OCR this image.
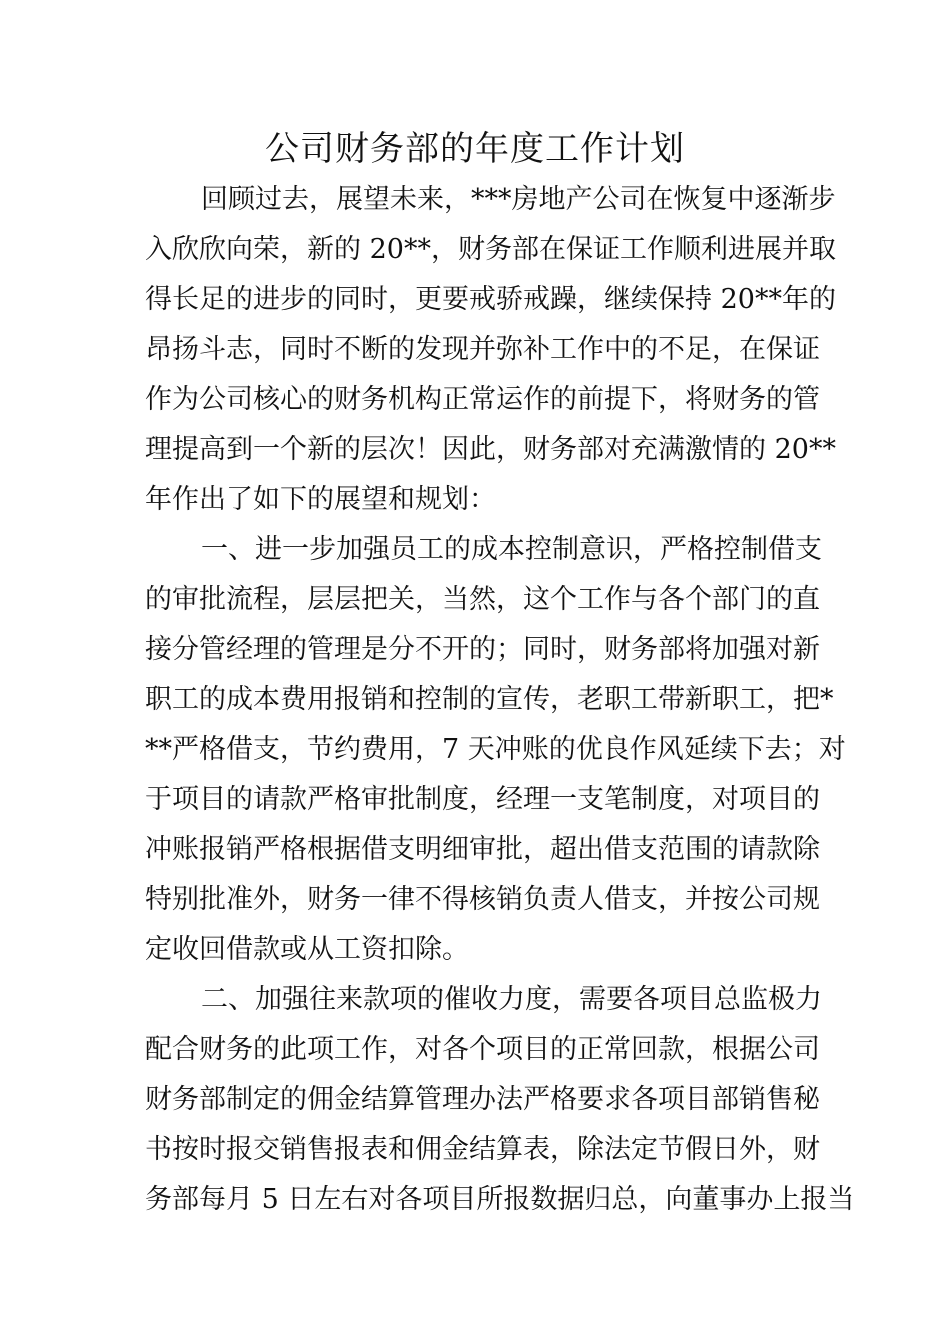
公司财务部的年度工作计划
回顾过去，展望未来，***房地产公司在恢复中逐渐步
入欣欣向荣，新的 20**，财务部在保证工作顺利进展并取
得长足的进步的同时，更要戒骄戒躁，继续保持 20**年的
昂扬斗志，同时不断的发现并弥补工作中的不足，在保证
作为公司核心的财务机构正常运作的前提下，将财务的管
理提高到一个新的层次！因此，财务部对充满激情的 20**
年作出了如下的展望和规划：
一、进一步加强员工的成本控制意识，严格控制借支
的审批流程，层层把关，当然，这个工作与各个部门的直
接分管经理的管理是分不开的；同时，财务部将加强对新
职工的成本费用报销和控制的宣传，老职工带新职工，把*
**严格借支，节约费用，7 天冲账的优良作风延续下去；对
于项目的请款严格审批制度，经理一支笔制度，对项目的
冲账报销严格根据借支明细审批，超出借支范围的请款除
特别批准外，财务一律不得核销负责人借支，并按公司规
定收回借款或从工资扣除。
二、加强往来款项的催收力度，需要各项目总监极力
配合财务的此项工作，对各个项目的正常回款，根据公司
财务部制定的佣金结算管理办法严格要求各项目部销售秘
书按时报交销售报表和佣金结算表，除法定节假日外，财
务部每月 5 日左右对各项目所报数据归总，向董事办上报当
